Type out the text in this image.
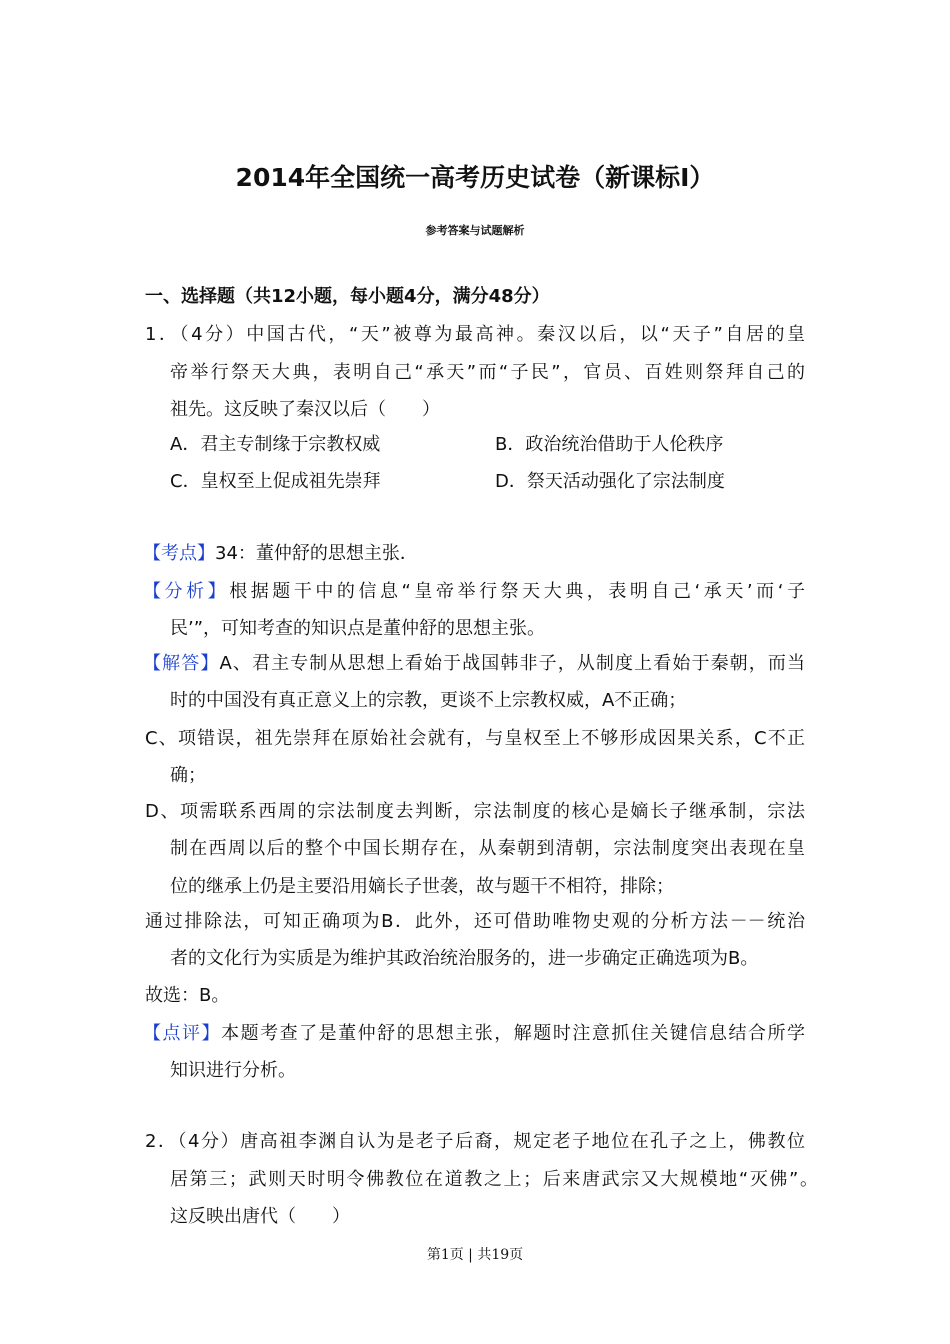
2014年全国统一高考历史试卷（新课标Ⅰ）
参考答案与试题解析
一、选择题（共12小题，每小题4分，满分48分）
1．（4分）中国古代，“天”被尊为最高神。秦汉以后，以“天子”自居的皇
帝举行祭天大典，表明自己“承天”而“子民”，官员、百姓则祭拜自己的
祖先。这反映了秦汉以后（　　）
A．君主专制缘于宗教权威	B．政治统治借助于人伦秩序
C．皇权至上促成祖先崇拜	D．祭天活动强化了宗法制度
【考点】34：董仲舒的思想主张．
【分析】根据题干中的信息“皇帝举行祭天大典，表明自己‘承天’而‘子
民’”，可知考查的知识点是董仲舒的思想主张。
【解答】A、君主专制从思想上看始于战国韩非子，从制度上看始于秦朝，而当
时的中国没有真正意义上的宗教，更谈不上宗教权威，A不正确；
C、项错误，祖先崇拜在原始社会就有，与皇权至上不够形成因果关系，C不正
确；
D、项需联系西周的宗法制度去判断，宗法制度的核心是嫡长子继承制，宗法
制在西周以后的整个中国长期存在，从秦朝到清朝，宗法制度突出表现在皇
位的继承上仍是主要沿用嫡长子世袭，故与题干不相符，排除；
通过排除法，可知正确项为B．此外，还可借助唯物史观的分析方法－－统治
者的文化行为实质是为维护其政治统治服务的，进一步确定正确选项为B。
故选：B。
【点评】本题考查了是董仲舒的思想主张，解题时注意抓住关键信息结合所学
知识进行分析。
2．（4分）唐高祖李渊自认为是老子后裔，规定老子地位在孔子之上，佛教位
居第三；武则天时明令佛教位在道教之上；后来唐武宗又大规模地“灭佛”。
这反映出唐代（　　）
第1页 | 共19页
